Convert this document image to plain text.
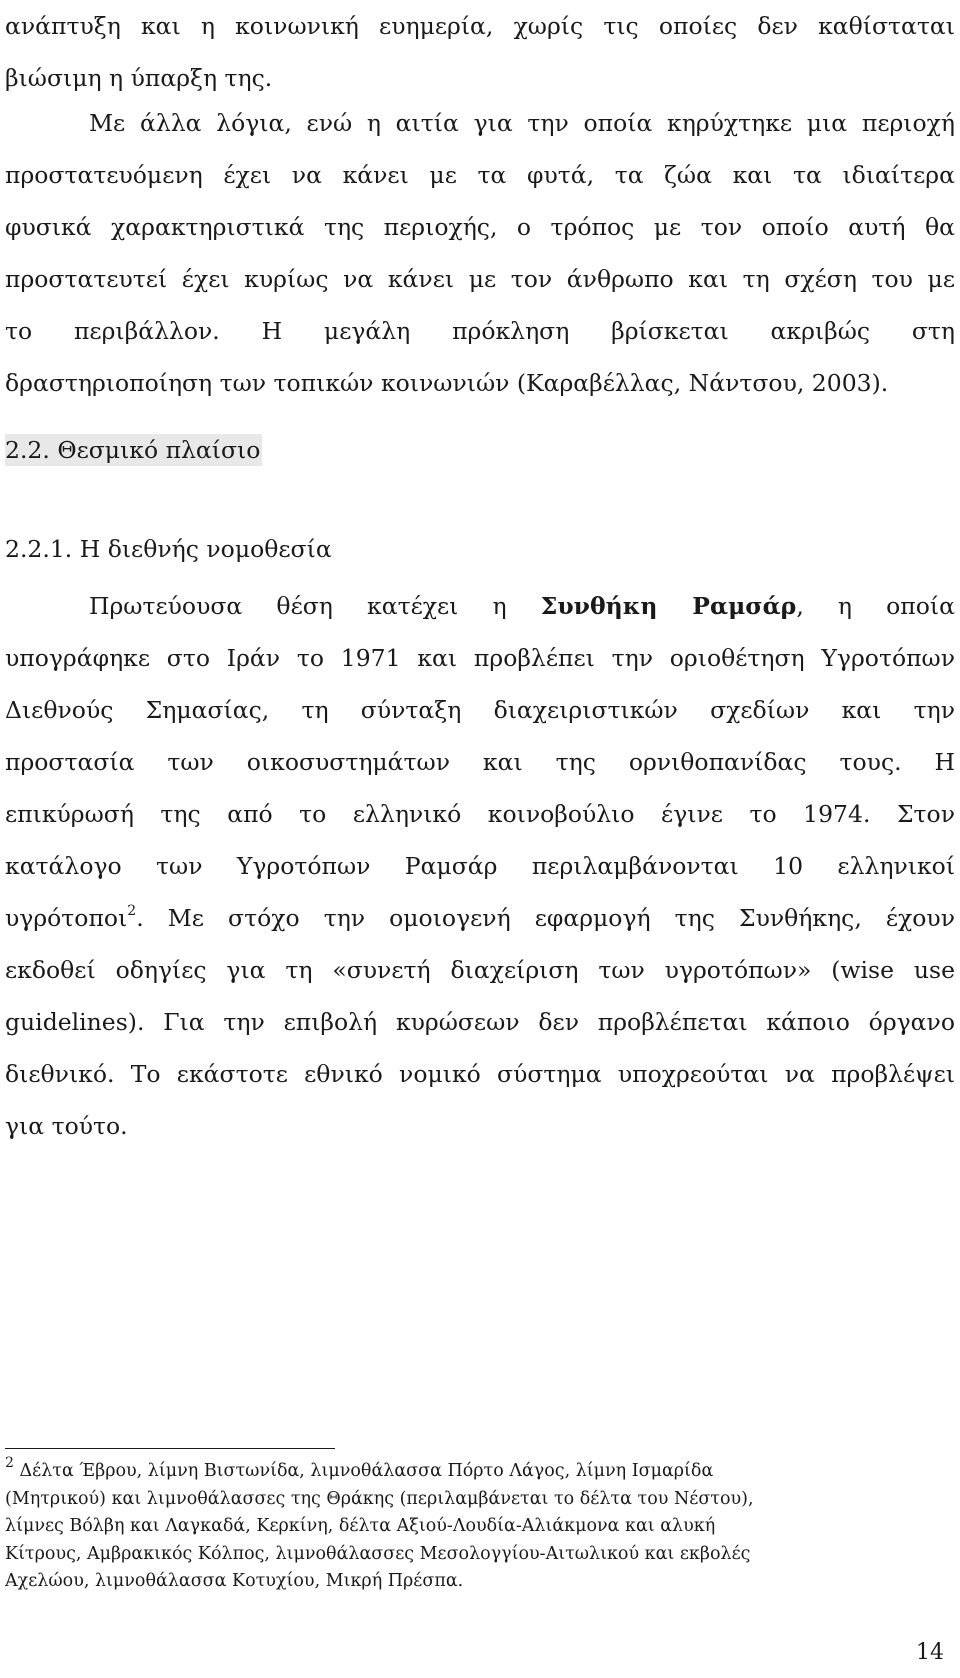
ανάπτυξη και η κοινωνική ευημερία, χωρίς τις οποίες δεν καθίσταται
βιώσιμη η ύπαρξη της.
Με άλλα λόγια, ενώ η αιτία για την οποία κηρύχτηκε μια περιοχή
προστατευόμενη έχει να κάνει με τα φυτά, τα ζώα και τα ιδιαίτερα
φυσικά χαρακτηριστικά της περιοχής, ο τρόπος με τον οποίο αυτή θα
προστατευτεί έχει κυρίως να κάνει με τον άνθρωπο και τη σχέση του με
το περιβάλλον. Η μεγάλη πρόκληση βρίσκεται ακριβώς στη
δραστηριοποίηση των τοπικών κοινωνιών (Καραβέλλας, Νάντσου, 2003).
2.2. Θεσμικό πλαίσιο
2.2.1. Η διεθνής νομοθεσία
Πρωτεύουσα θέση κατέχει η Συνθήκη Ραμσάρ, η οποία
υπογράφηκε στο Ιράν το 1971 και προβλέπει την οριοθέτηση Υγροτόπων
Διεθνούς Σημασίας, τη σύνταξη διαχειριστικών σχεδίων και την
προστασία των οικοσυστημάτων και της ορνιθοπανίδας τους. Η
επικύρωσή της από το ελληνικό κοινοβούλιο έγινε το 1974. Στον
κατάλογο των Υγροτόπων Ραμσάρ περιλαμβάνονται 10 ελληνικοί
υγρότοποι$^2$. Με στόχο την ομοιογενή εφαρμογή της Συνθήκης, έχουν
εκδοθεί οδηγίες για τη «συνετή διαχείριση των υγροτόπων» (wise use
guidelines). Για την επιβολή κυρώσεων δεν προβλέπεται κάποιο όργανο
διεθνικό. Το εκάστοτε εθνικό νομικό σύστημα υποχρεούται να προβλέψει
για τούτο.
$^2$ Δέλτα Έβρου, λίμνη Βιστωνίδα, λιμνοθάλασσα Πόρτο Λάγος, λίμνη Ισμαρίδα
(Μητρικού) και λιμνοθάλασσες της Θράκης (περιλαμβάνεται το δέλτα του Νέστου),
λίμνες Βόλβη και Λαγκαδά, Κερκίνη, δέλτα Αξιού-Λουδία-Αλιάκμονα και αλυκή
Κίτρους, Αμβρακικός Κόλπος, λιμνοθάλασσες Μεσολογγίου-Αιτωλικού και εκβολές
Αχελώου, λιμνοθάλασσα Κοτυχίου, Μικρή Πρέσπα.
14
